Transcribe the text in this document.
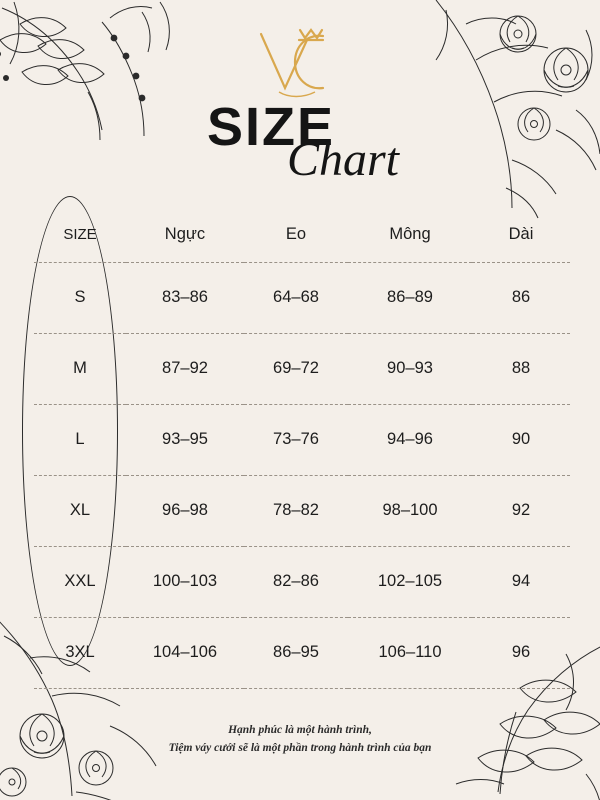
SIZE
Chart
SIZE	Ngực	Eo	Mông	Dài
S	83–86	64–68	86–89	86
M	87–92	69–72	90–93	88
L	93–95	73–76	94–96	90
XL	96–98	78–82	98–100	92
XXL	100–103	82–86	102–105	94
3XL	104–106	86–95	106–110	96
Hạnh phúc là một hành trình,
Tiệm váy cưới sẽ là một phần trong hành trình của bạn
